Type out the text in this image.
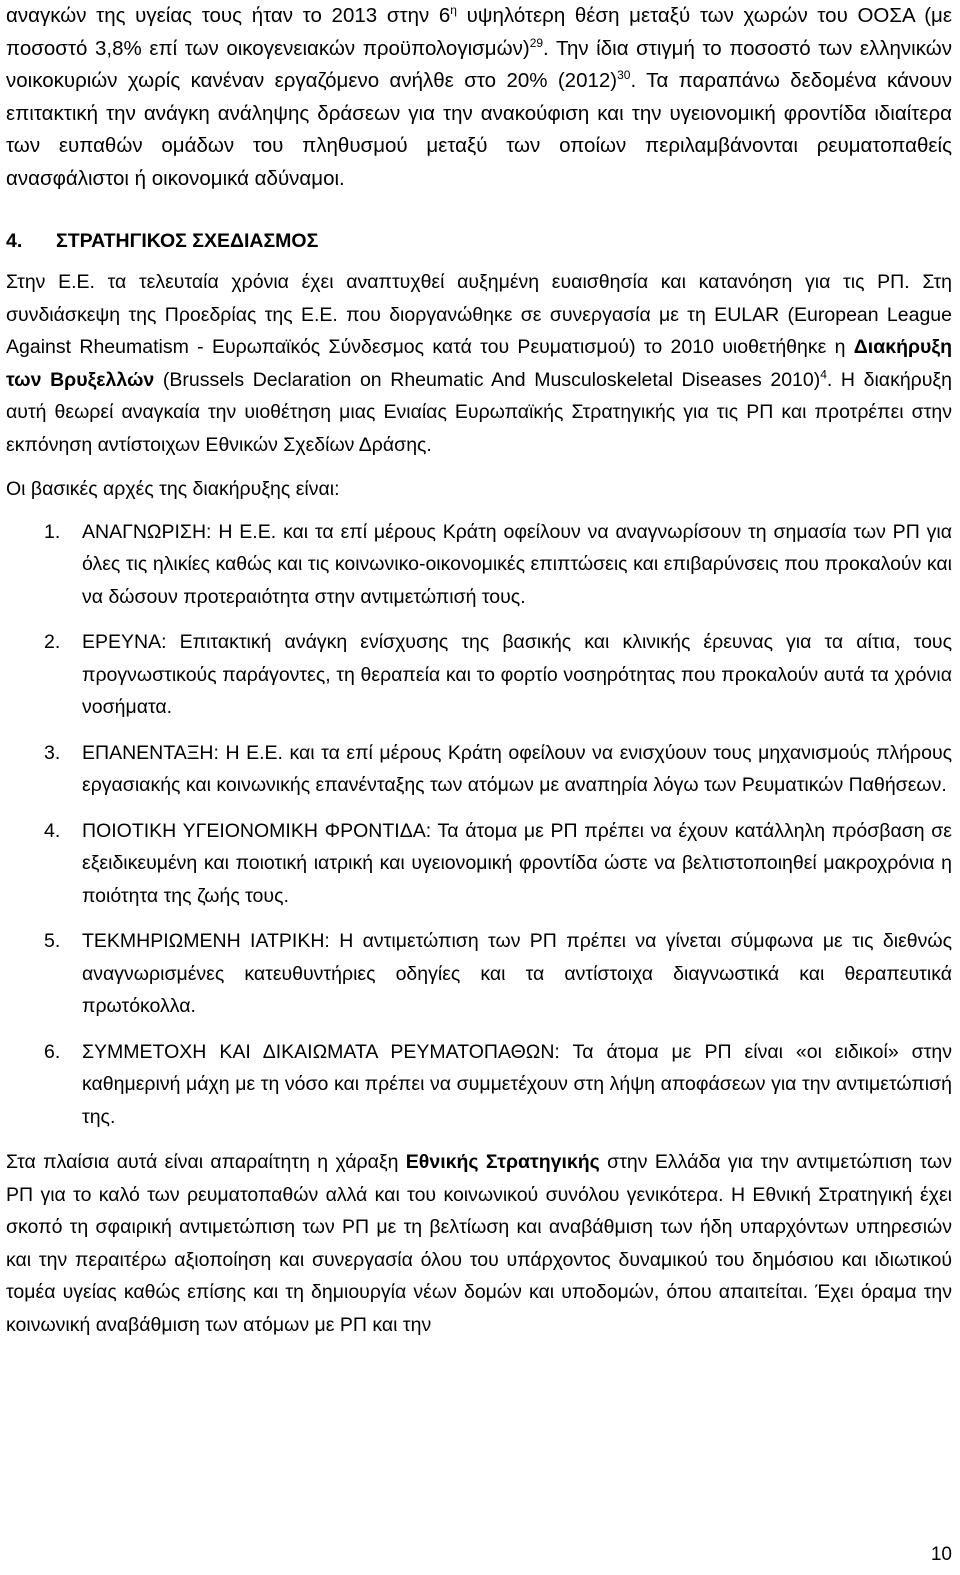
αναγκών της υγείας τους ήταν το 2013 στην $6^\eta$ υψηλότερη θέση μεταξύ των χωρών του ΟΟΣΑ (με ποσοστό 3,8% επί των οικογενειακών προϋπολογισμών)$^{29}$. Την ίδια στιγμή το ποσοστό των ελληνικών νοικοκυριών χωρίς κανέναν εργαζόμενο ανήλθε στο 20% $(2012)^{30}$. Τα παραπάνω δεδομένα κάνουν επιτακτική την ανάγκη ανάληψης δράσεων για την ανακούφιση και την υγειονομική φροντίδα ιδιαίτερα των ευπαθών ομάδων του πληθυσμού μεταξύ των οποίων περιλαμβάνονται ρευματοπαθείς ανασφάλιστοι ή οικονομικά αδύναμοι.

4.	ΣΤΡΑΤΗΓΙΚΟΣ ΣΧΕΔΙΑΣΜΟΣ

Στην Ε.Ε. τα τελευταία χρόνια έχει αναπτυχθεί αυξημένη ευαισθησία και κατανόηση για τις ΡΠ. Στη συνδιάσκεψη της Προεδρίας της Ε.Ε. που διοργανώθηκε σε συνεργασία με τη EULAR (European League Against Rheumatism - Ευρωπαϊκός Σύνδεσμος κατά του Ρευματισμού) το 2010 υιοθετήθηκε η Διακήρυξη των Βρυξελλών (Brussels Declaration on Rheumatic And Musculoskeletal Diseases 2010)$^4$. Η διακήρυξη αυτή θεωρεί αναγκαία την υιοθέτηση μιας Ενιαίας Ευρωπαϊκής Στρατηγικής για τις ΡΠ και προτρέπει στην εκπόνηση αντίστοιχων Εθνικών Σχεδίων Δράσης.

Οι βασικές αρχές της διακήρυξης είναι:

1.	ΑΝΑΓΝΩΡΙΣΗ: Η Ε.Ε. και τα επί μέρους Κράτη οφείλουν να αναγνωρίσουν τη σημασία των ΡΠ για όλες τις ηλικίες καθώς και τις κοινωνικο-οικονομικές επιπτώσεις και επιβαρύνσεις που προκαλούν και να δώσουν προτεραιότητα στην αντιμετώπισή τους.
2.	ΕΡΕΥΝΑ: Επιτακτική ανάγκη ενίσχυσης της βασικής και κλινικής έρευνας για τα αίτια, τους προγνωστικούς παράγοντες, τη θεραπεία και το φορτίο νοσηρότητας που προκαλούν αυτά τα χρόνια νοσήματα.
3.	ΕΠΑΝΕΝΤΑΞΗ: Η Ε.Ε. και τα επί μέρους Κράτη οφείλουν να ενισχύουν τους μηχανισμούς πλήρους εργασιακής και κοινωνικής επανένταξης των ατόμων με αναπηρία λόγω των Ρευματικών Παθήσεων.
4.	ΠΟΙΟΤΙΚΗ ΥΓΕΙΟΝΟΜΙΚΗ ΦΡΟΝΤΙΔΑ: Τα άτομα με ΡΠ πρέπει να έχουν κατάλληλη πρόσβαση σε εξειδικευμένη και ποιοτική ιατρική και υγειονομική φροντίδα ώστε να βελτιστοποιηθεί μακροχρόνια η ποιότητα της ζωής τους.
5.	ΤΕΚΜΗΡΙΩΜΕΝΗ ΙΑΤΡΙΚΗ: Η αντιμετώπιση των ΡΠ πρέπει να γίνεται σύμφωνα με τις διεθνώς αναγνωρισμένες κατευθυντήριες οδηγίες και τα αντίστοιχα διαγνωστικά και θεραπευτικά πρωτόκολλα.
6.	ΣΥΜΜΕΤΟΧΗ ΚΑΙ ΔΙΚΑΙΩΜΑΤΑ ΡΕΥΜΑΤΟΠΑΘΩΝ: Τα άτομα με ΡΠ είναι «οι ειδικοί» στην καθημερινή μάχη με τη νόσο και πρέπει να συμμετέχουν στη λήψη αποφάσεων για την αντιμετώπισή της.

Στα πλαίσια αυτά είναι απαραίτητη η χάραξη Εθνικής Στρατηγικής στην Ελλάδα για την αντιμετώπιση των ΡΠ για το καλό των ρευματοπαθών αλλά και του κοινωνικού συνόλου γενικότερα. Η Εθνική Στρατηγική έχει σκοπό τη σφαιρική αντιμετώπιση των ΡΠ με τη βελτίωση και αναβάθμιση των ήδη υπαρχόντων υπηρεσιών και την περαιτέρω αξιοποίηση και συνεργασία όλου του υπάρχοντος δυναμικού του δημόσιου και ιδιωτικού τομέα υγείας καθώς επίσης και τη δημιουργία νέων δομών και υποδομών, όπου απαιτείται. Έχει όραμα την κοινωνική αναβάθμιση των ατόμων με ΡΠ και την

10
